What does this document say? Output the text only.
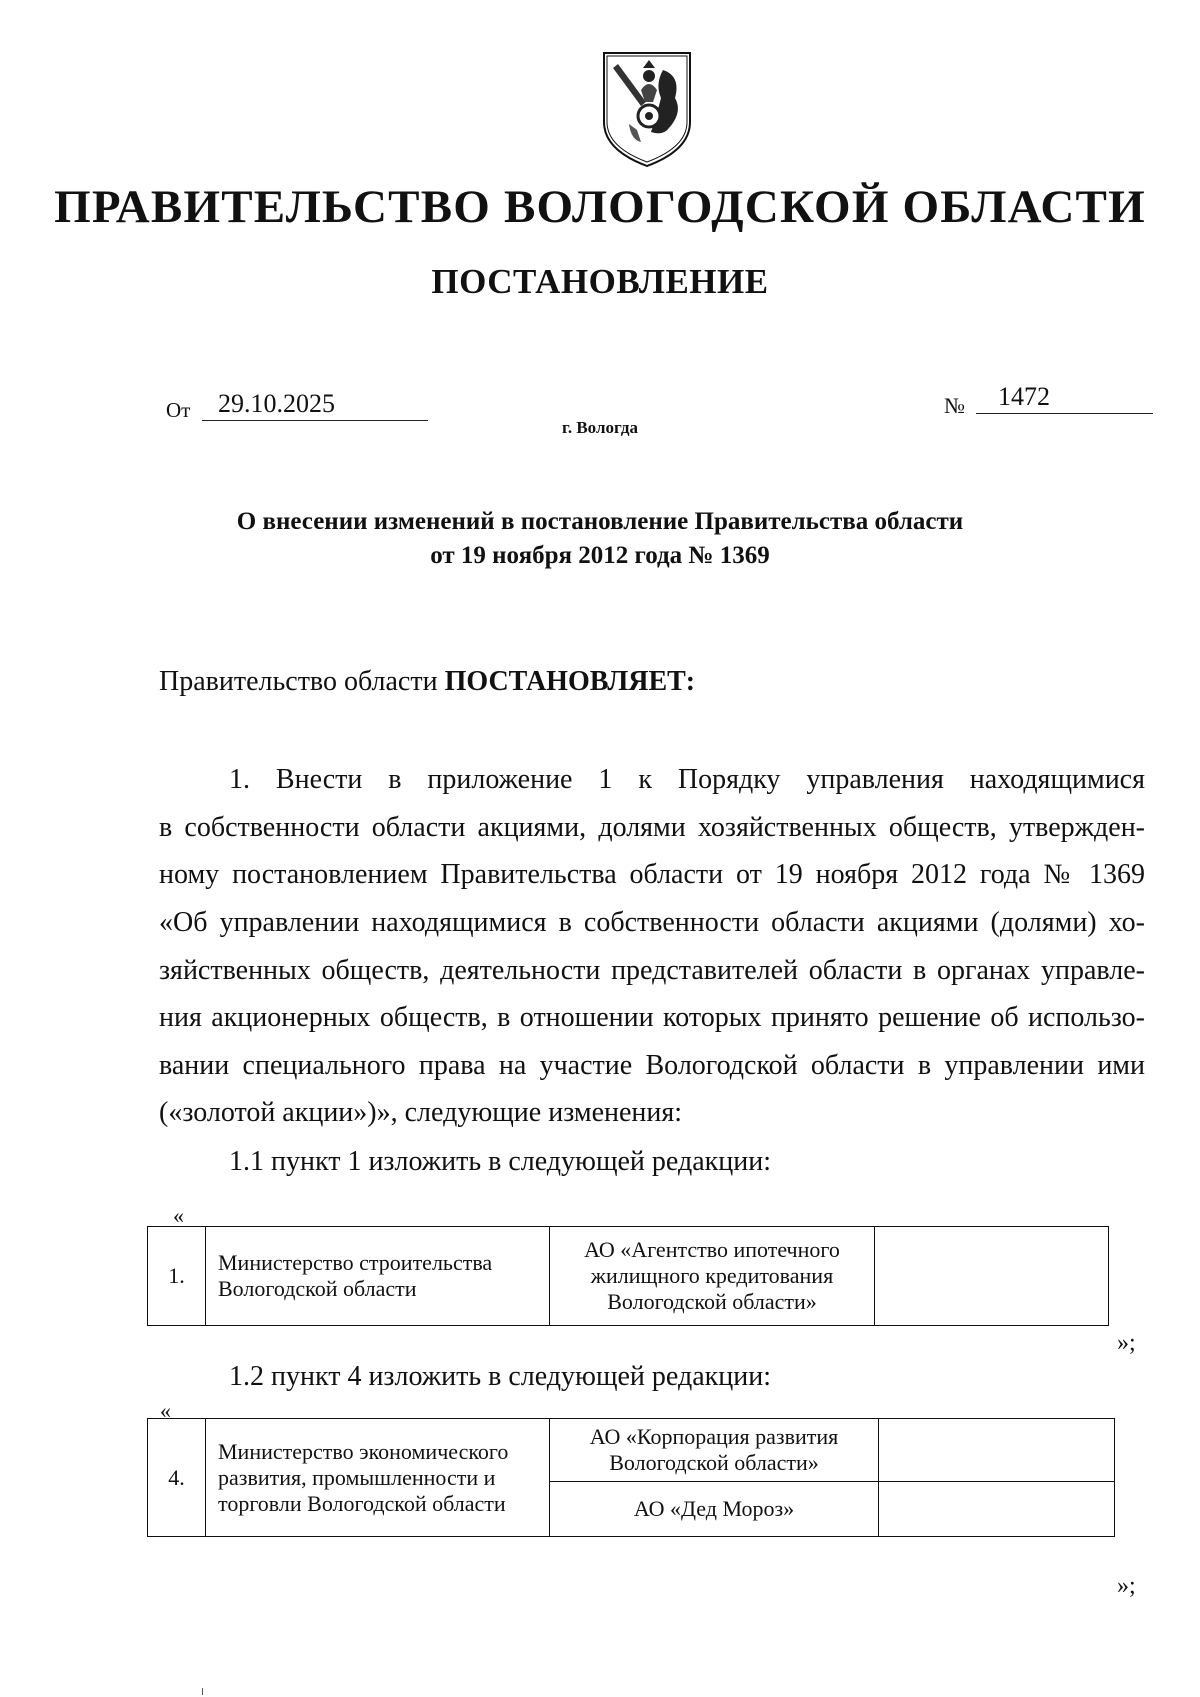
ПРАВИТЕЛЬСТВО ВОЛОГОДСКОЙ ОБЛАСТИ
ПОСТАНОВЛЕНИЕ
От	29.10.2025	№	1472
г. Вологда
О внесении изменений в постановление Правительства области
от 19 ноября 2012 года № 1369
Правительство области ПОСТАНОВЛЯЕТ:
1. Внести в приложение 1 к Порядку управления находящимися
в собственности области акциями, долями хозяйственных обществ, утвержден-
ному постановлением Правительства области от 19 ноября 2012 года № 1369
«Об управлении находящимися в собственности области акциями (долями) хо-
зяйственных обществ, деятельности представителей области в органах управле-
ния акционерных обществ, в отношении которых принято решение об использо-
вании специального права на участие Вологодской области в управлении ими
(«золотой акции»)», следующие изменения:
1.1 пункт 1 изложить в следующей редакции:
«
1.	Министерство строительства Вологодской области	АО «Агентство ипотечного жилищного кредитования Вологодской области»	
»;
1.2 пункт 4 изложить в следующей редакции:
«
4.	Министерство экономического развития, промышленности и торговли Вологодской области	АО «Корпорация развития Вологодской области»	
		АО «Дед Мороз»	
»;
